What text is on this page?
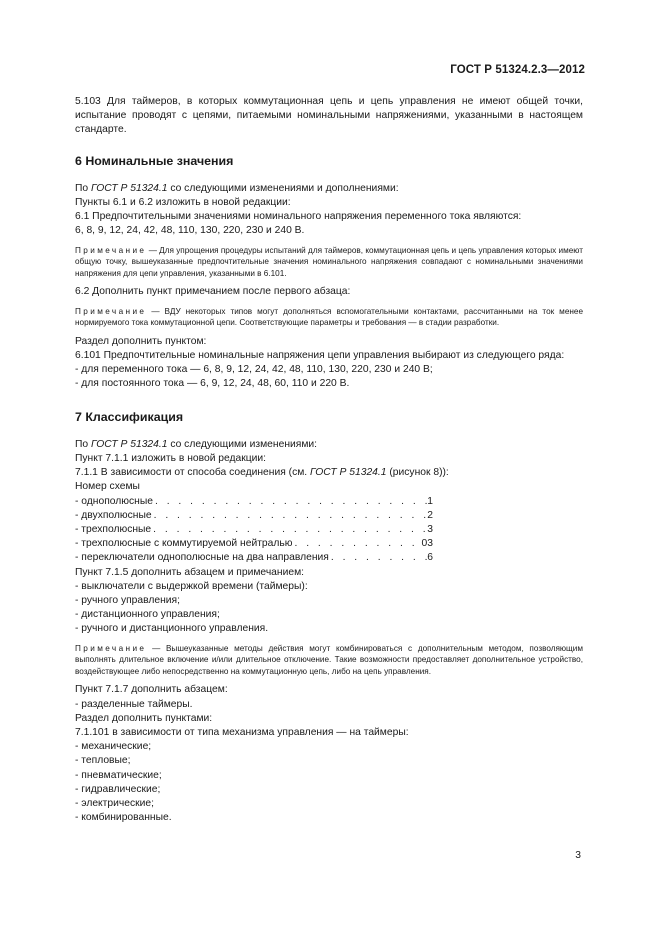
ГОСТ Р 51324.2.3—2012

5.103 Для таймеров, в которых коммутационная цепь и цепь управления не имеют общей точки, испытание проводят с цепями, питаемыми номинальными напряжениями, указанными в настоящем стандарте.

6 Номинальные значения

По ГОСТ Р 51324.1 со следующими изменениями и дополнениями:

Пункты 6.1 и 6.2 изложить в новой редакции:

6.1 Предпочтительными значениями номинального напряжения переменного тока являются:

6, 8, 9, 12, 24, 42, 48, 110, 130, 220, 230 и 240 В.

Примечание — Для упрощения процедуры испытаний для таймеров, коммутационная цепь и цепь управления которых имеют общую точку, вышеуказанные предпочтительные значения номинального напряжения совпадают с номинальными значениями напряжения для цепи управления, указанными в 6.101.

6.2 Дополнить пункт примечанием после первого абзаца:

Примечание — ВДУ некоторых типов могут дополняться вспомогательными контактами, рассчитанными на ток менее нормируемого тока коммутационной цепи. Соответствующие параметры и требования — в стадии разработки.

Раздел дополнить пунктом:

6.101 Предпочтительные номинальные напряжения цепи управления выбирают из следующего ряда:

- для переменного тока — 6, 8, 9, 12, 24, 42, 48, 110, 130, 220, 230 и 240 В;

- для постоянного тока — 6, 9, 12, 24, 48, 60, 110 и 220 В.

7 Классификация

По ГОСТ Р 51324.1 со следующими изменениями:

Пункт 7.1.1 изложить в новой редакции:

7.1.1 В зависимости от способа соединения (см. ГОСТ Р 51324.1 (рисунок 8)):

Номер схемы

- однополюсные . . .	1
- двухполюсные . . .	2
- трехполюсные . . .	3
- трехполюсные с коммутируемой нейтралью . . .	03
- переключатели однополюсные на два направления . . .	6

Пункт 7.1.5 дополнить абзацем и примечанием:

- выключатели с выдержкой времени (таймеры):

- ручного управления;

- дистанционного управления;

- ручного и дистанционного управления.

Примечание — Вышеуказанные методы действия могут комбинироваться с дополнительным методом, позволяющим выполнять длительное включение и/или длительное отключение. Такие возможности предоставляет дополнительное устройство, воздействующее либо непосредственно на коммутационную цепь, либо на цепь управления.

Пункт 7.1.7 дополнить абзацем:

- разделенные таймеры.

Раздел дополнить пунктами:

7.1.101 в зависимости от типа механизма управления — на таймеры:

- механические;

- тепловые;

- пневматические;

- гидравлические;

- электрические;

- комбинированные.

3
